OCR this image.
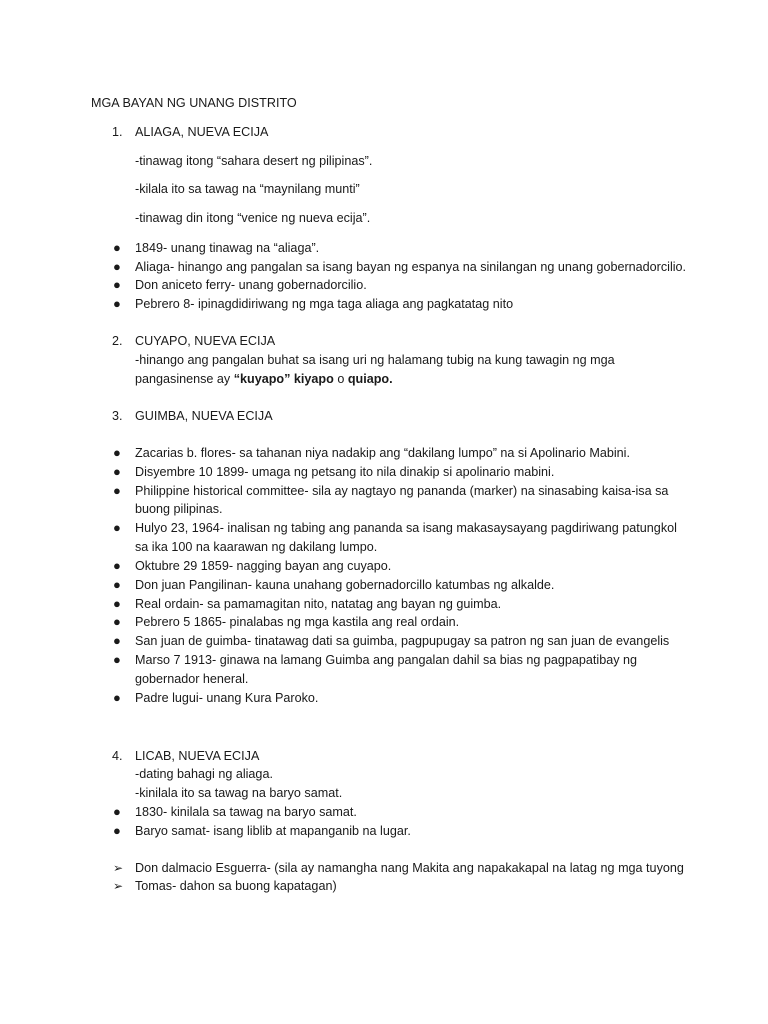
MGA BAYAN NG UNANG DISTRITO
1. ALIAGA, NUEVA ECIJA
-tinawag itong “sahara desert ng pilipinas”.
-kilala ito sa tawag na “maynilang munti”
-tinawag din itong “venice ng nueva ecija”.
● 1849- unang tinawag na “aliaga”.
● Aliaga- hinango ang pangalan sa isang bayan ng espanya na sinilangan ng unang gobernadorcilio.
● Don aniceto ferry- unang gobernadorcilio.
● Pebrero 8- ipinagdidiriwang ng mga taga aliaga ang pagkatatag nito
2. CUYAPO, NUEVA ECIJA
-hinango ang pangalan buhat sa isang uri ng halamang tubig na kung tawagin ng mga
pangasinense ay “kuyapo” kiyapo o quiapo.
3. GUIMBA, NUEVA ECIJA
● Zacarias b. flores- sa tahanan niya nadakip ang “dakilang lumpo” na si Apolinario Mabini.
● Disyembre 10 1899- umaga ng petsang ito nila dinakip si apolinario mabini.
● Philippine historical committee- sila ay nagtayo ng pananda (marker) na sinasabing kaisa-isa sa
buong pilipinas.
● Hulyo 23, 1964- inalisan ng tabing ang pananda sa isang makasaysayang pagdiriwang patungkol
sa ika 100 na kaarawan ng dakilang lumpo.
● Oktubre 29 1859- nagging bayan ang cuyapo.
● Don juan Pangilinan- kauna unahang gobernadorcillo katumbas ng alkalde.
● Real ordain- sa pamamagitan nito, natatag ang bayan ng guimba.
● Pebrero 5 1865- pinalabas ng mga kastila ang real ordain.
● San juan de guimba- tinatawag dati sa guimba, pagpupugay sa patron ng san juan de evangelis
● Marso 7 1913- ginawa na lamang Guimba ang pangalan dahil sa bias ng pagpapatibay ng
gobernador heneral.
● Padre lugui- unang Kura Paroko.
4. LICAB, NUEVA ECIJA
-dating bahagi ng aliaga.
-kinilala ito sa tawag na baryo samat.
● 1830- kinilala sa tawag na baryo samat.
● Baryo samat- isang liblib at mapanganib na lugar.
➢ Don dalmacio Esguerra- (sila ay namangha nang Makita ang napakakapal na latag ng mga tuyong
➢ Tomas- dahon sa buong kapatagan)
